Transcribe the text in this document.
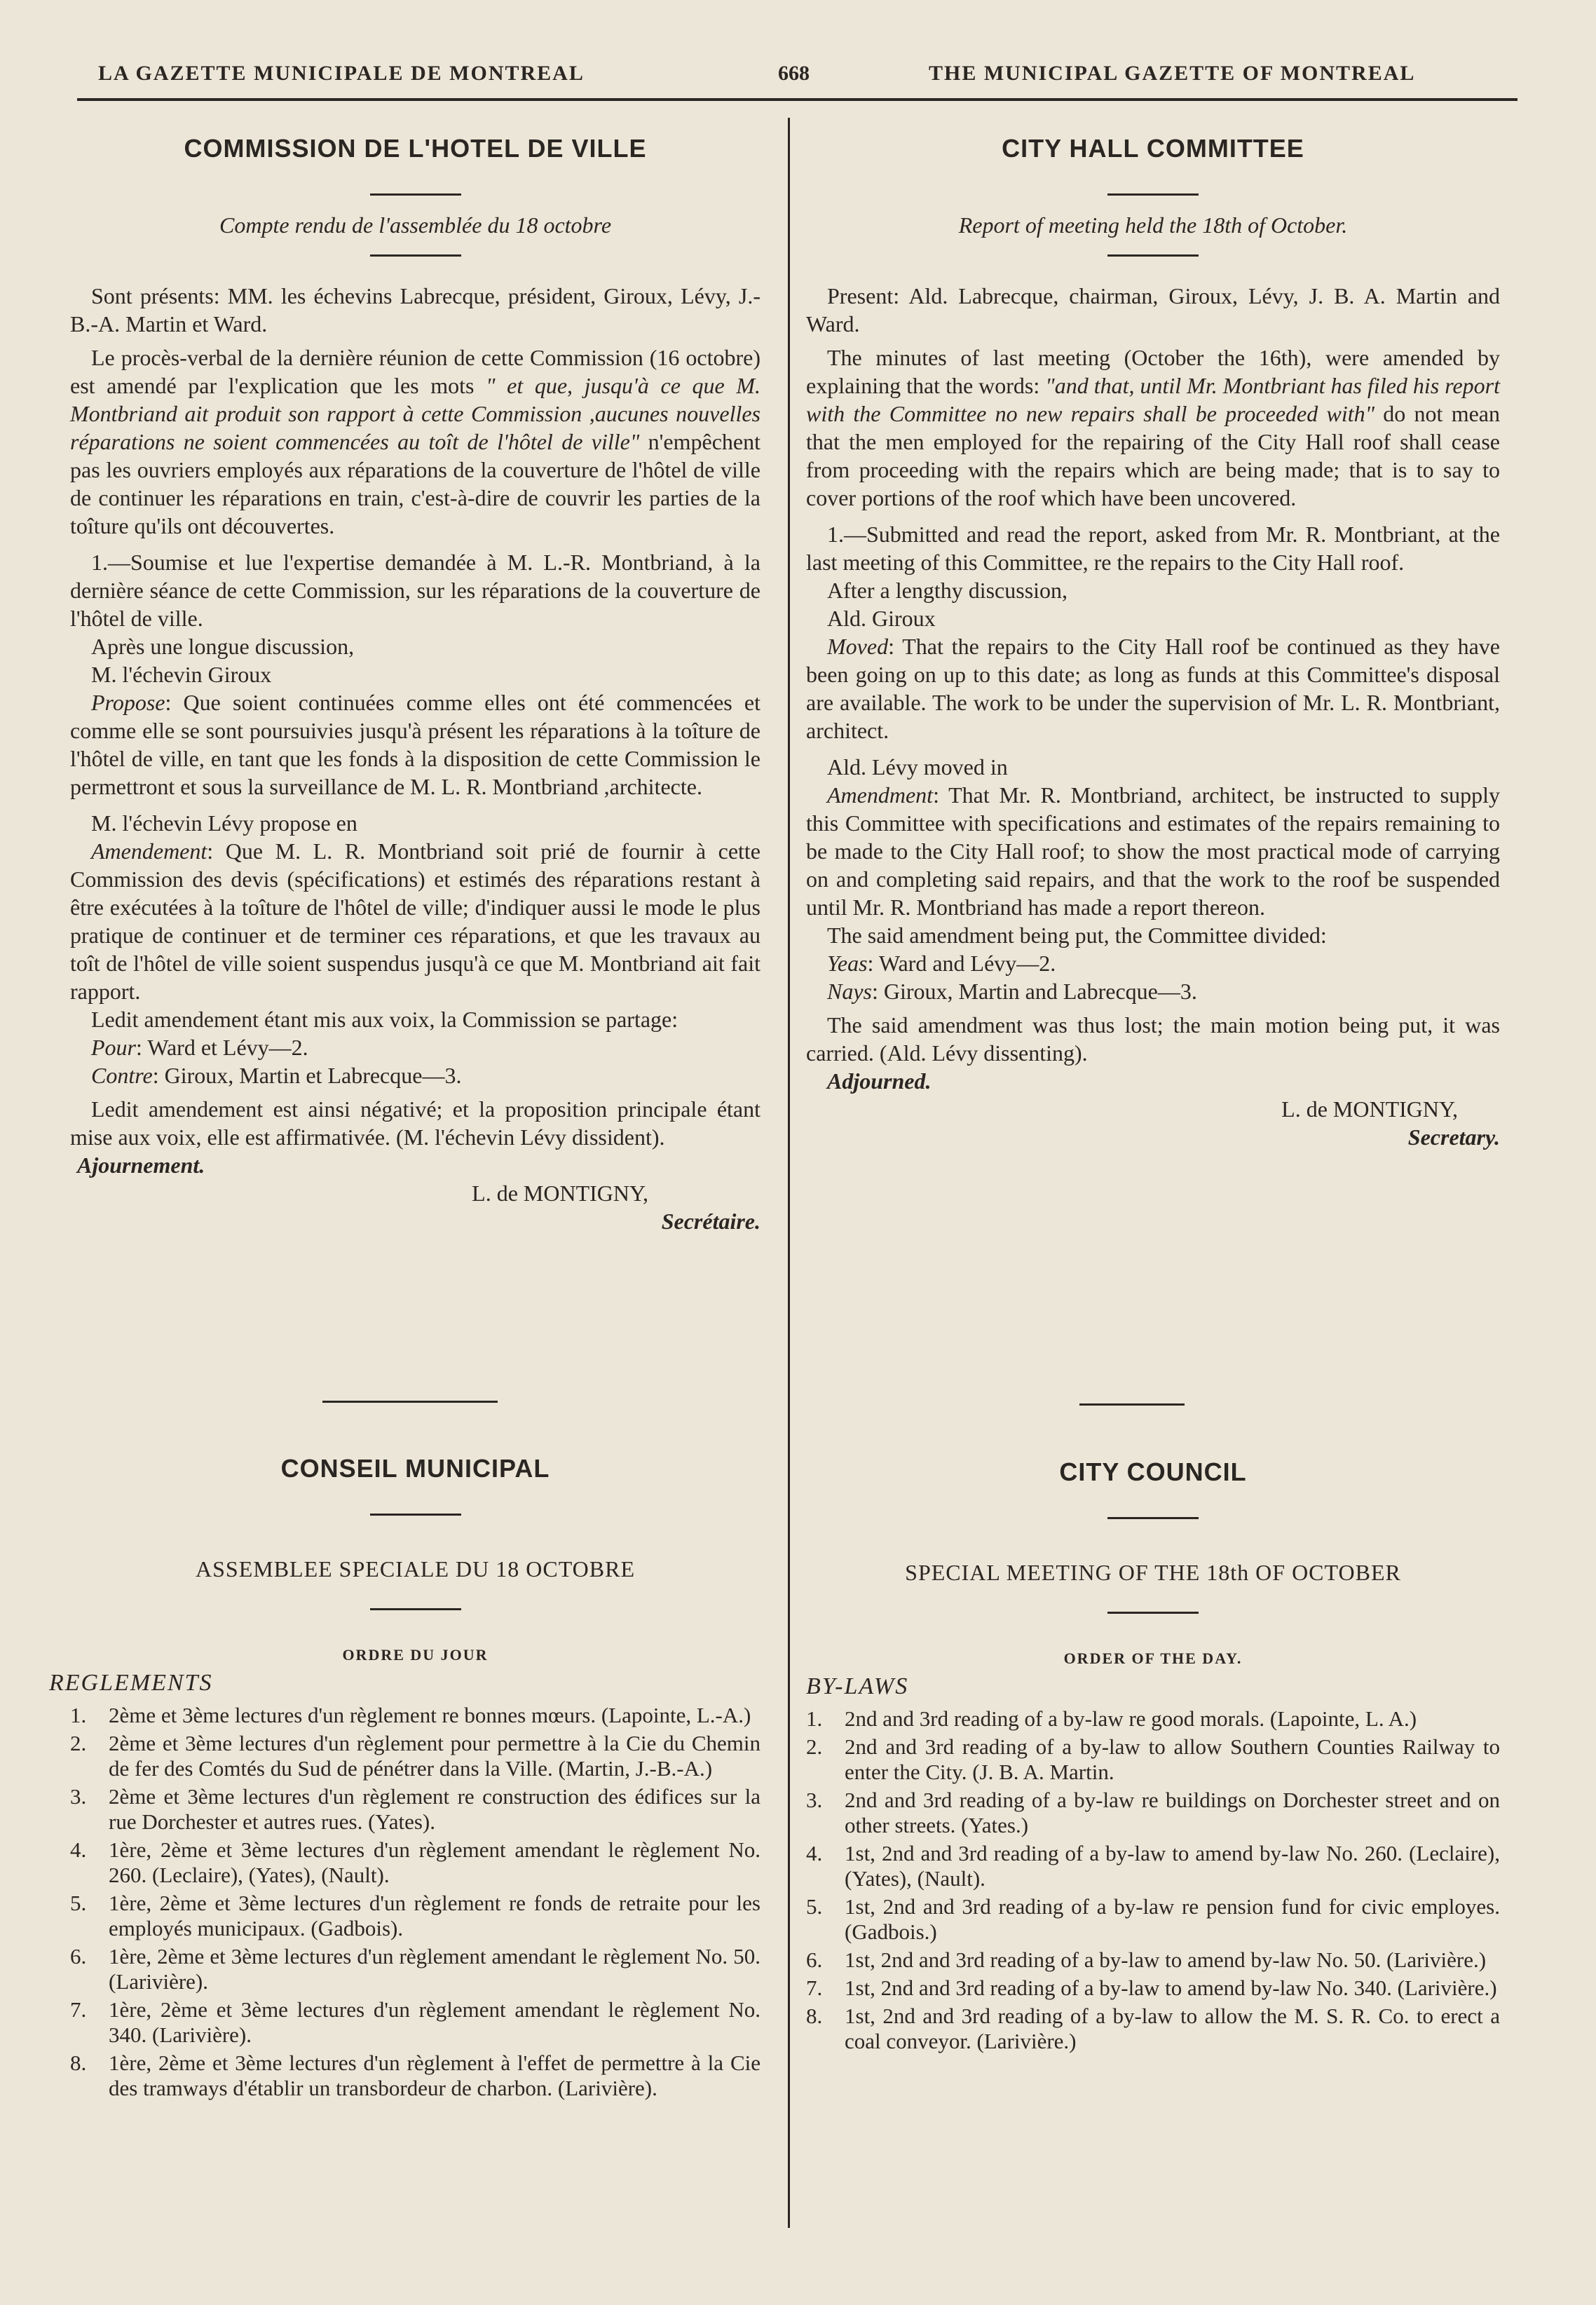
LA GAZETTE MUNICIPALE DE MONTREAL	668	THE MUNICIPAL GAZETTE OF MONTREAL
COMMISSION DE L'HOTEL DE VILLE
Compte rendu de l'assemblée du 18 octobre

Sont présents: MM. les échevins Labrecque, président, Giroux, Lévy, J.-B.-A. Martin et Ward.

Le procès-verbal de la dernière réunion de cette Commission (16 octobre) est amendé par l'explication que les mots " et que, jusqu'à ce que M. Montbriand ait produit son rapport à cette Commission ,aucunes nouvelles réparations ne soient commencées au toît de l'hôtel de ville" n'empêchent pas les ouvriers employés aux réparations de la couverture de l'hôtel de ville de continuer les réparations en train, c'est-à-dire de couvrir les parties de la toîture qu'ils ont découvertes.

1.—Soumise et lue l'expertise demandée à M. L.-R. Montbriand, à la dernière séance de cette Commission, sur les réparations de la couverture de l'hôtel de ville.

Après une longue discussion,

M. l'échevin Giroux

Propose: Que soient continuées comme elles ont été commencées et comme elle se sont poursuivies jusqu'à présent les réparations à la toîture de l'hôtel de ville, en tant que les fonds à la disposition de cette Commission le permettront et sous la surveillance de M. L. R. Montbriand ,architecte.

M. l'échevin Lévy propose en

Amendement: Que M. L. R. Montbriand soit prié de fournir à cette Commission des devis (spécifications) et estimés des réparations restant à être exécutées à la toîture de l'hôtel de ville; d'indiquer aussi le mode le plus pratique de continuer et de terminer ces réparations, et que les travaux au toît de l'hôtel de ville soient suspendus jusqu'à ce que M. Montbriand ait fait rapport.

Ledit amendement étant mis aux voix, la Commission se partage:

Pour: Ward et Lévy—2.

Contre: Giroux, Martin et Labrecque—3.

Ledit amendement est ainsi négativé; et la proposition principale étant mise aux voix, elle est affirmativée. (M. l'échevin Lévy dissident).

Ajournement.

L. de MONTIGNY,

Secrétaire.

CONSEIL MUNICIPAL
ASSEMBLEE SPECIALE DU 18 OCTOBRE
ORDRE DU JOUR
REGLEMENTS
1.	2ème et 3ème lectures d'un règlement re bonnes mœurs. (Lapointe, L.-A.)
2.	2ème et 3ème lectures d'un règlement pour permettre à la Cie du Chemin de fer des Comtés du Sud de pénétrer dans la Ville. (Martin, J.-B.-A.)
3.	2ème et 3ème lectures d'un règlement re construction des édifices sur la rue Dorchester et autres rues. (Yates).
4.	1ère, 2ème et 3ème lectures d'un règlement amendant le règlement No. 260. (Leclaire), (Yates), (Nault).
5.	1ère, 2ème et 3ème lectures d'un règlement re fonds de retraite pour les employés municipaux. (Gadbois).
6.	1ère, 2ème et 3ème lectures d'un règlement amendant le règlement No. 50. (Larivière).
7.	1ère, 2ème et 3ème lectures d'un règlement amendant le règlement No. 340. (Larivière).
8.	1ère, 2ème et 3ème lectures d'un règlement à l'effet de permettre à la Cie des tramways d'établir un transbordeur de charbon. (Larivière).
CITY HALL COMMITTEE
Report of meeting held the 18th of October.

Present: Ald. Labrecque, chairman, Giroux, Lévy, J. B. A. Martin and Ward.

The minutes of last meeting (October the 16th), were amended by explaining that the words: "and that, until Mr. Montbriant has filed his report with the Committee no new repairs shall be proceeded with" do not mean that the men employed for the repairing of the City Hall roof shall cease from proceeding with the repairs which are being made; that is to say to cover portions of the roof which have been uncovered.

1.—Submitted and read the report, asked from Mr. R. Montbriant, at the last meeting of this Committee, re the repairs to the City Hall roof.

After a lengthy discussion,

Ald. Giroux

Moved: That the repairs to the City Hall roof be continued as they have been going on up to this date; as long as funds at this Committee's disposal are available. The work to be under the supervision of Mr. L. R. Montbriant, architect.

Ald. Lévy moved in

Amendment: That Mr. R. Montbriand, architect, be instructed to supply this Committee with specifications and estimates of the repairs remaining to be made to the City Hall roof; to show the most practical mode of carrying on and completing said repairs, and that the work to the roof be suspended until Mr. R. Montbriand has made a report thereon.

The said amendment being put, the Committee divided:

Yeas: Ward and Lévy—2.

Nays: Giroux, Martin and Labrecque—3.

The said amendment was thus lost; the main motion being put, it was carried. (Ald. Lévy dissenting).

Adjourned.

L. de MONTIGNY,

Secretary.

CITY COUNCIL
SPECIAL MEETING OF THE 18th OF OCTOBER
ORDER OF THE DAY.
BY-LAWS
1.	2nd and 3rd reading of a by-law re good morals. (Lapointe, L. A.)
2.	2nd and 3rd reading of a by-law to allow Southern Counties Railway to enter the City. (J. B. A. Martin.
3.	2nd and 3rd reading of a by-law re buildings on Dorchester street and on other streets. (Yates.)
4.	1st, 2nd and 3rd reading of a by-law to amend by-law No. 260. (Leclaire), (Yates), (Nault).
5.	1st, 2nd and 3rd reading of a by-law re pension fund for civic employes. (Gadbois.)
6.	1st, 2nd and 3rd reading of a by-law to amend by-law No. 50. (Larivière.)
7.	1st, 2nd and 3rd reading of a by-law to amend by-law No. 340. (Larivière.)
8.	1st, 2nd and 3rd reading of a by-law to allow the M. S. R. Co. to erect a coal conveyor. (Larivière.)
